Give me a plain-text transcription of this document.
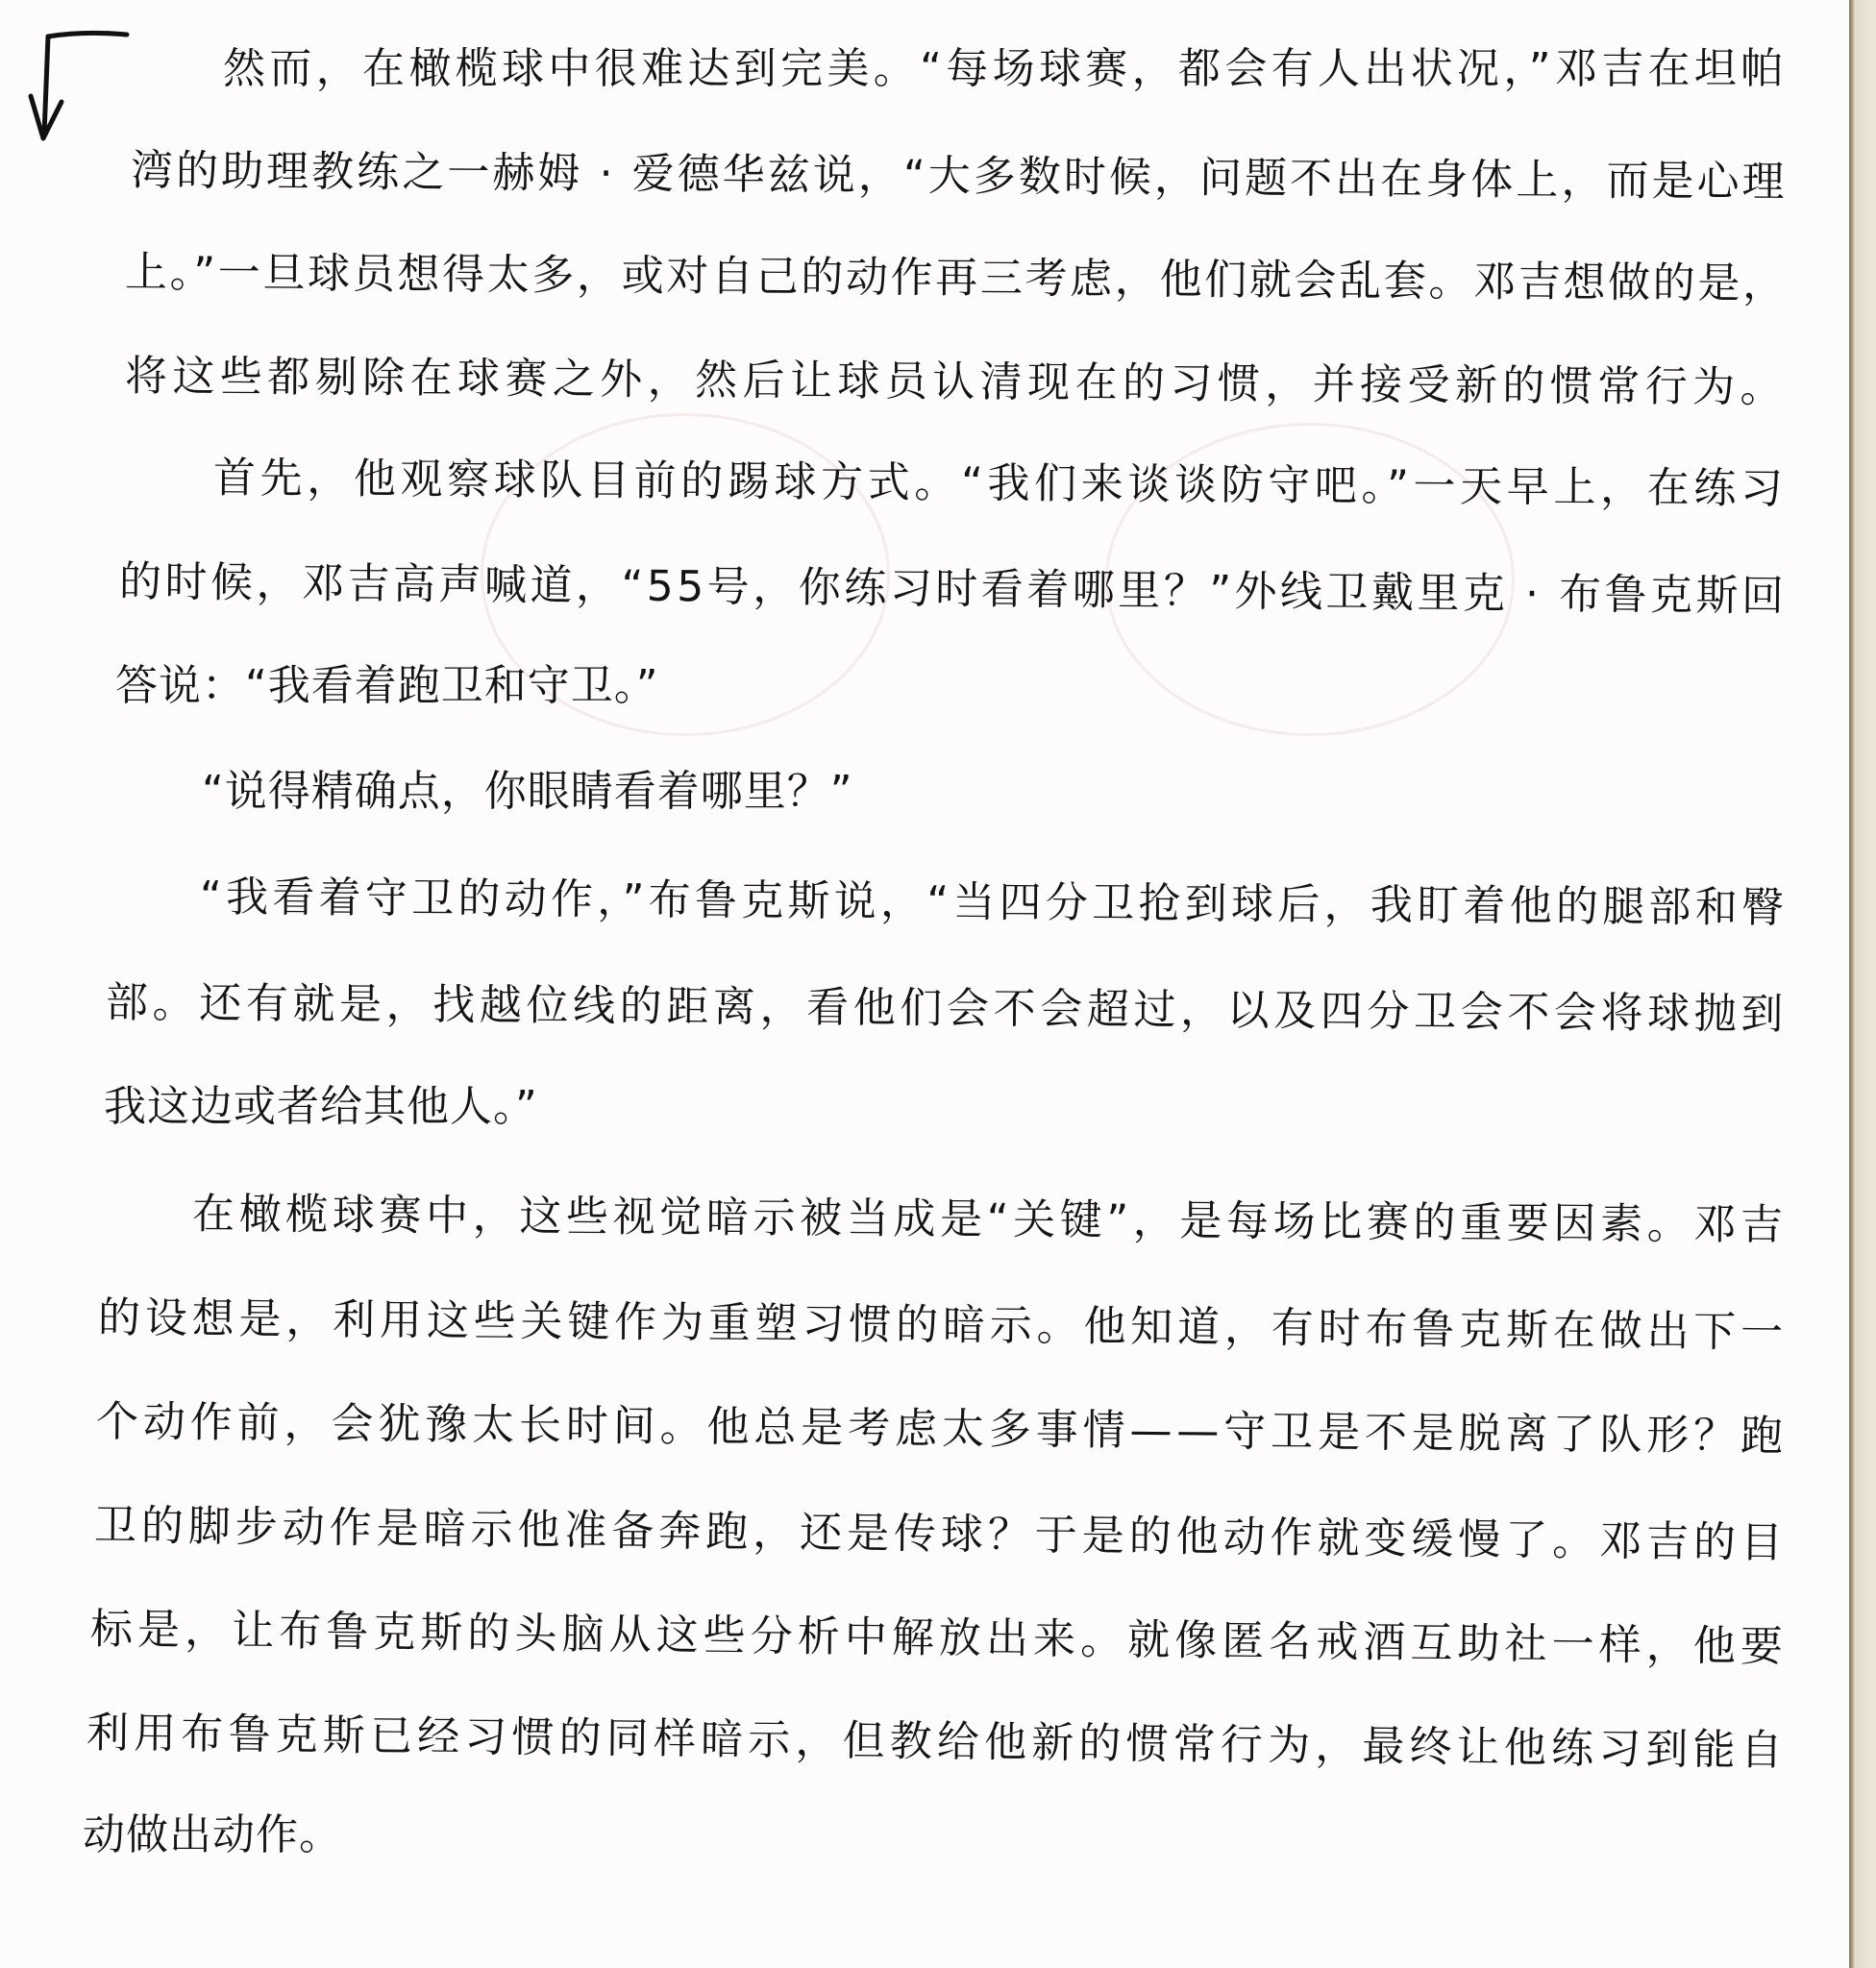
然而，在橄榄球中很难达到完美。“每场球赛，都会有人出状况，”邓吉在坦帕
湾的助理教练之一赫姆 · 爱德华兹说，“大多数时候，问题不出在身体上，而是心理
上。”一旦球员想得太多，或对自己的动作再三考虑，他们就会乱套。邓吉想做的是，
将这些都剔除在球赛之外，然后让球员认清现在的习惯，并接受新的惯常行为。
首先，他观察球队目前的踢球方式。“我们来谈谈防守吧。”一天早上，在练习
的时候，邓吉高声喊道，“55号，你练习时看着哪里？”外线卫戴里克 · 布鲁克斯回
答说：“我看着跑卫和守卫。”
“说得精确点，你眼睛看着哪里？”
“我看着守卫的动作，”布鲁克斯说，“当四分卫抢到球后，我盯着他的腿部和臀
部。还有就是，找越位线的距离，看他们会不会超过，以及四分卫会不会将球抛到
我这边或者给其他人。”
在橄榄球赛中，这些视觉暗示被当成是“关键”，是每场比赛的重要因素。邓吉
的设想是，利用这些关键作为重塑习惯的暗示。他知道，有时布鲁克斯在做出下一
个动作前，会犹豫太长时间。他总是考虑太多事情——守卫是不是脱离了队形？跑
卫的脚步动作是暗示他准备奔跑，还是传球？于是的他动作就变缓慢了。邓吉的目
标是，让布鲁克斯的头脑从这些分析中解放出来。就像匿名戒酒互助社一样，他要
利用布鲁克斯已经习惯的同样暗示，但教给他新的惯常行为，最终让他练习到能自
动做出动作。
